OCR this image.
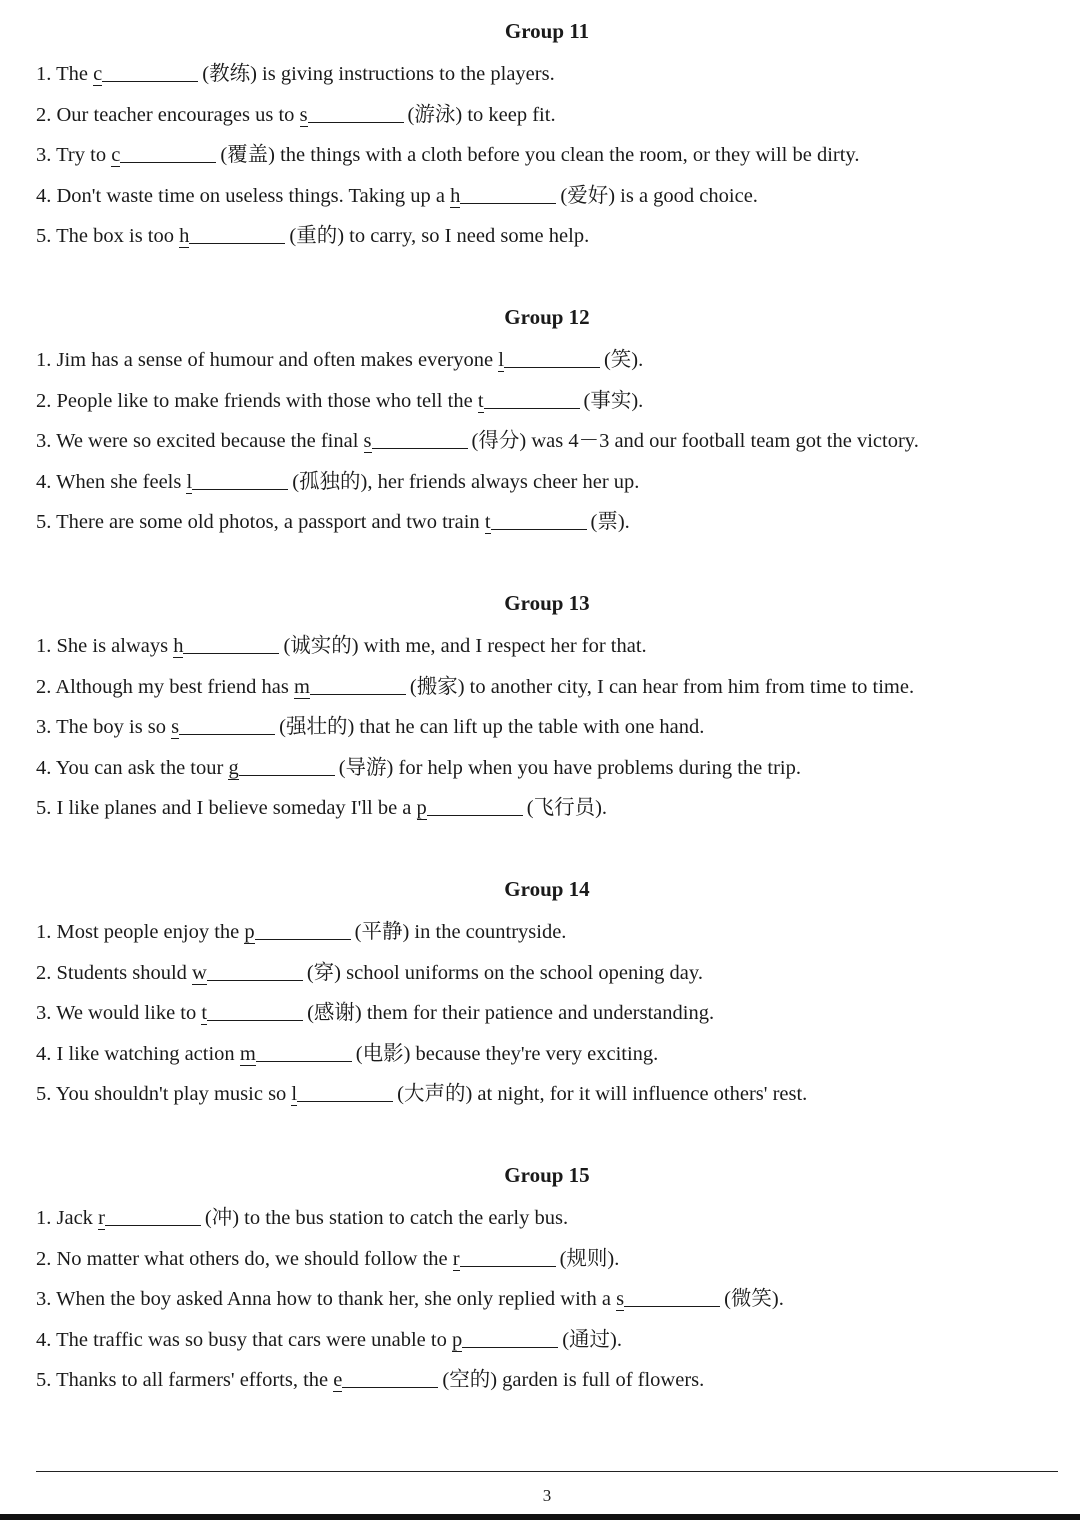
Group 11
1. The c	(教练) is giving instructions to the players.
2. Our teacher encourages us to s	(游泳) to keep fit.
3. Try to c	(覆盖) the things with a cloth before you clean the room, or they will be dirty.
4. Don't waste time on useless things. Taking up a h	(爱好) is a good choice.
5. The box is too h	(重的) to carry, so I need some help.
Group 12
1. Jim has a sense of humour and often makes everyone l	(笑).
2. People like to make friends with those who tell the t	(事实).
3. We were so excited because the final s	(得分) was 4－3 and our football team got the victory.
4. When she feels l	(孤独的), her friends always cheer her up.
5. There are some old photos, a passport and two train t	(票).
Group 13
1. She is always h	(诚实的) with me, and I respect her for that.
2. Although my best friend has m	(搬家) to another city, I can hear from him from time to time.
3. The boy is so s	(强壮的) that he can lift up the table with one hand.
4. You can ask the tour g	(导游) for help when you have problems during the trip.
5. I like planes and I believe someday I'll be a p	(飞行员).
Group 14
1. Most people enjoy the p	(平静) in the countryside.
2. Students should w	(穿) school uniforms on the school opening day.
3. We would like to t	(感谢) them for their patience and understanding.
4. I like watching action m	(电影) because they're very exciting.
5. You shouldn't play music so l	(大声的) at night, for it will influence others' rest.
Group 15
1. Jack r	(冲) to the bus station to catch the early bus.
2. No matter what others do, we should follow the r	(规则).
3. When the boy asked Anna how to thank her, she only replied with a s	(微笑).
4. The traffic was so busy that cars were unable to p	(通过).
5. Thanks to all farmers' efforts, the e	(空的) garden is full of flowers.
3
